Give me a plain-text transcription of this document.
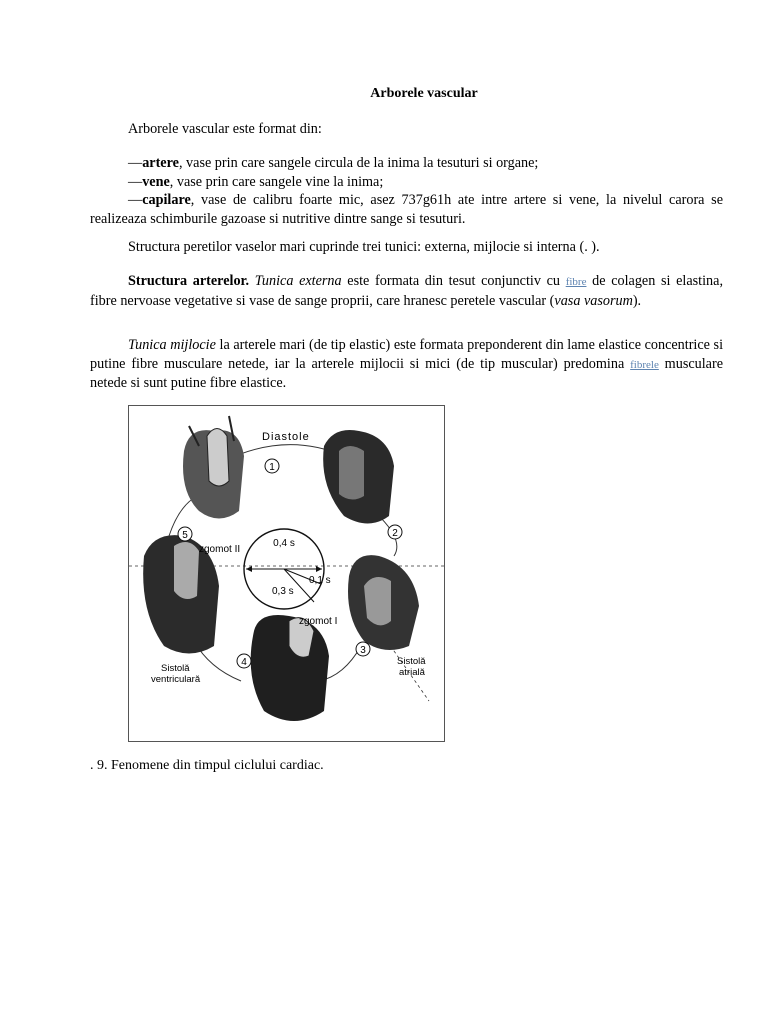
Arborele vascular

Arborele vascular este format din:

—artere, vase prin care sangele circula de la inima la tesuturi si organe;

—vene, vase prin care sangele vine la inima;

—capilare, vase de calibru foarte mic, asez 737g61h ate intre artere si vene, la nivelul carora se realizeaza schimburile gazoase si nutritive dintre sange si tesuturi.

Structura peretilor vaselor mari cuprinde trei tunici: externa, mijlocie si interna (. ).

Structura arterelor. Tunica externa este formata din tesut conjunctiv cu fibre de colagen si elastina, fibre nervoase vegetative si vase de sange proprii, care hranesc peretele vascular (vasa vasorum).

Tunica mijlocie la arterele mari (de tip elastic) este formata preponderent din lame elastice concentrice si putine fibre musculare netede, iar la arterele mijlocii si mici (de tip muscular) predomina fibrele musculare netede si sunt putine fibre elastice.

1
2
3
4
5
Diastole
zgomot II
zgomot I
0,4 s
0,1 s
0,3 s
Sistolă
atrială
Sistolă
ventriculară
. 9. Fenomene din timpul ciclului cardiac.
